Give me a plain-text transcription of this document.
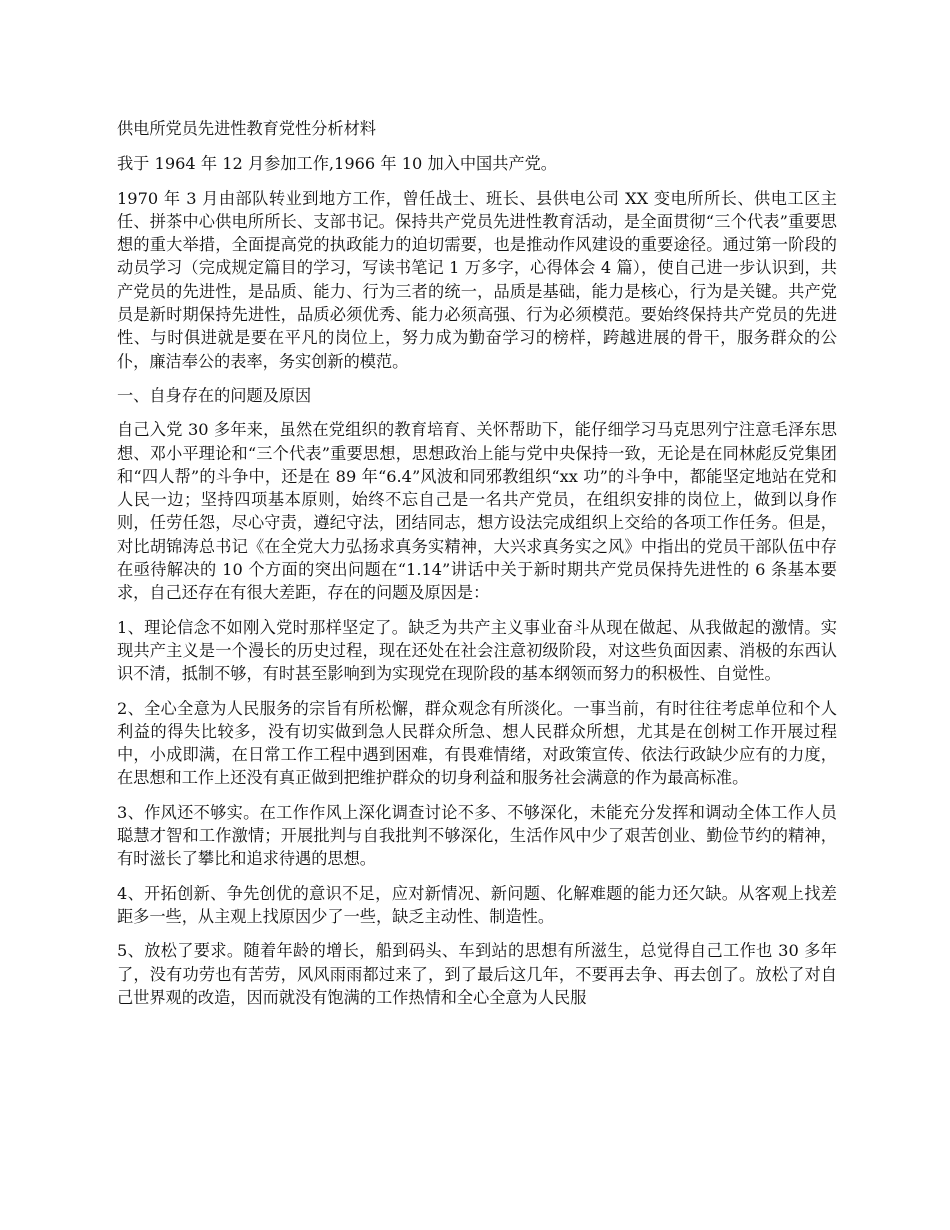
供电所党员先进性教育党性分析材料

我于 1964 年 12 月参加工作,1966 年 10 加入中国共产党。

1970 年 3 月由部队转业到地方工作，曾任战士、班长、县供电公司 XX 变电所所长、供电工区主任、拼茶中心供电所所长、支部书记。保持共产党员先进性教育活动，是全面贯彻“三个代表”重要思想的重大举措，全面提高党的执政能力的迫切需要，也是推动作风建设的重要途径。通过第一阶段的动员学习（完成规定篇目的学习，写读书笔记 1 万多字，心得体会 4 篇），使自己进一步认识到，共产党员的先进性，是品质、能力、行为三者的统一，品质是基础，能力是核心，行为是关键。共产党员是新时期保持先进性，品质必须优秀、能力必须高强、行为必须模范。要始终保持共产党员的先进性、与时俱进就是要在平凡的岗位上，努力成为勤奋学习的榜样，跨越进展的骨干，服务群众的公仆，廉洁奉公的表率，务实创新的模范。

一、自身存在的问题及原因

自己入党 30 多年来，虽然在党组织的教育培育、关怀帮助下，能仔细学习马克思列宁注意毛泽东思想、邓小平理论和“三个代表”重要思想，思想政治上能与党中央保持一致，无论是在同林彪反党集团和“四人帮”的斗争中，还是在 89 年“6.4”风波和同邪教组织“xx 功”的斗争中，都能坚定地站在党和人民一边；坚持四项基本原则，始终不忘自己是一名共产党员，在组织安排的岗位上，做到以身作则，任劳任怨，尽心守责，遵纪守法，团结同志，想方设法完成组织上交给的各项工作任务。但是，对比胡锦涛总书记《在全党大力弘扬求真务实精神，大兴求真务实之风》中指出的党员干部队伍中存在亟待解决的 10 个方面的突出问题在“1.14”讲话中关于新时期共产党员保持先进性的 6 条基本要求，自己还存在有很大差距，存在的问题及原因是：

1、理论信念不如刚入党时那样坚定了。缺乏为共产主义事业奋斗从现在做起、从我做起的激情。实现共产主义是一个漫长的历史过程，现在还处在社会注意初级阶段，对这些负面因素、消极的东西认识不清，抵制不够，有时甚至影响到为实现党在现阶段的基本纲领而努力的积极性、自觉性。

2、全心全意为人民服务的宗旨有所松懈，群众观念有所淡化。一事当前，有时往往考虑单位和个人利益的得失比较多，没有切实做到急人民群众所急、想人民群众所想，尤其是在创树工作开展过程中，小成即满，在日常工作工程中遇到困难，有畏难情绪，对政策宣传、依法行政缺少应有的力度，在思想和工作上还没有真正做到把维护群众的切身利益和服务社会满意的作为最高标准。

3、作风还不够实。在工作作风上深化调查讨论不多、不够深化，未能充分发挥和调动全体工作人员聪慧才智和工作激情；开展批判与自我批判不够深化，生活作风中少了艰苦创业、勤俭节约的精神，有时滋长了攀比和追求待遇的思想。

4、开拓创新、争先创优的意识不足，应对新情况、新问题、化解难题的能力还欠缺。从客观上找差距多一些，从主观上找原因少了一些，缺乏主动性、制造性。

5、放松了要求。随着年龄的增长，船到码头、车到站的思想有所滋生，总觉得自己工作也 30 多年了，没有功劳也有苦劳，风风雨雨都过来了，到了最后这几年，不要再去争、再去创了。放松了对自己世界观的改造，因而就没有饱满的工作热情和全心全意为人民服
